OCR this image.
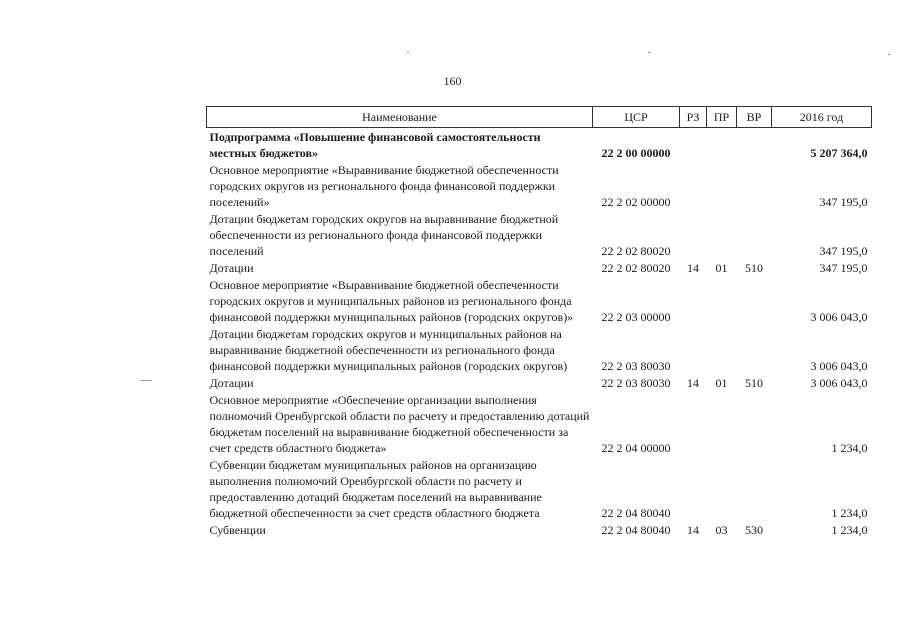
160
Наименование	ЦСР	РЗ	ПР	ВР	2016 год
Подпрограмма «Повышение финансовой самостоятельности местных бюджетов»	22 2 00 00000				5 207 364,0
Основное мероприятие «Выравнивание бюджетной обеспеченности городских округов из регионального фонда финансовой поддержки поселений»	22 2 02 00000				347 195,0
Дотации бюджетам городских округов на выравнивание бюджетной обеспеченности из регионального фонда финансовой поддержки поселений	22 2 02 80020				347 195,0
Дотации	22 2 02 80020	14	01	510	347 195,0
Основное мероприятие «Выравнивание бюджетной обеспеченности городских округов и муниципальных районов из регионального фонда финансовой поддержки муниципальных районов (городских округов)»	22 2 03 00000				3 006 043,0
Дотации бюджетам городских округов и муниципальных районов на выравнивание бюджетной обеспеченности из регионального фонда финансовой поддержки муниципальных районов (городских округов)	22 2 03 80030				3 006 043,0
Дотации	22 2 03 80030	14	01	510	3 006 043,0
Основное мероприятие «Обеспечение организации выполнения полномочий Оренбургской области по расчету и предоставлению дотаций бюджетам поселений на выравнивание бюджетной обеспеченности за счет средств областного бюджета»	22 2 04 00000				1 234,0
Субвенции бюджетам муниципальных районов на организацию выполнения полномочий Оренбургской области по расчету и предоставлению дотаций бюджетам поселений на выравнивание бюджетной обеспеченности за счет средств областного бюджета	22 2 04 80040				1 234,0
Субвенции	22 2 04 80040	14	03	530	1 234,0
